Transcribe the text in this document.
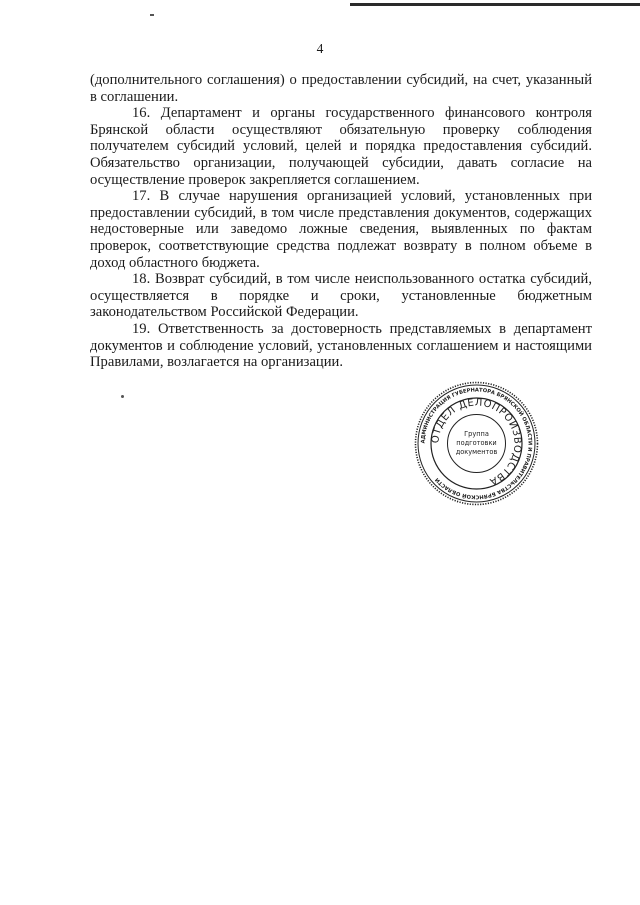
4

(дополнительного соглашения) о предоставлении субсидий, на счет, указанный в соглашении.

16. Департамент и органы государственного финансового контроля Брянской области осуществляют обязательную проверку соблюдения получателем субсидий условий, целей и порядка предоставления субсидий. Обязательство организации, получающей субсидии, давать согласие на осуществление проверок закрепляется соглашением.

17. В случае нарушения организацией условий, установленных при предоставлении субсидий, в том числе представления документов, содержащих недостоверные или заведомо ложные сведения, выявленных по фактам проверок, соответствующие средства подлежат возврату в полном объеме в доход областного бюджета.

18. Возврат субсидий, в том числе неиспользованного остатка субсидий, осуществляется в порядке и сроки, установленные бюджетным законодательством Российской Федерации.

19. Ответственность за достоверность представляемых в департамент документов и соблюдение условий, установленных соглашением и настоящими Правилами, возлагается на организации.

АДМИНИСТРАЦИЯ ГУБЕРНАТОРА БРЯНСКОЙ ОБЛАСТИ И ПРАВИТЕЛЬСТВА БРЯНСКОЙ ОБЛАСТИ
ОТДЕЛ ДЕЛОПРОИЗВОДСТВА
Группа
подготовки
документов
